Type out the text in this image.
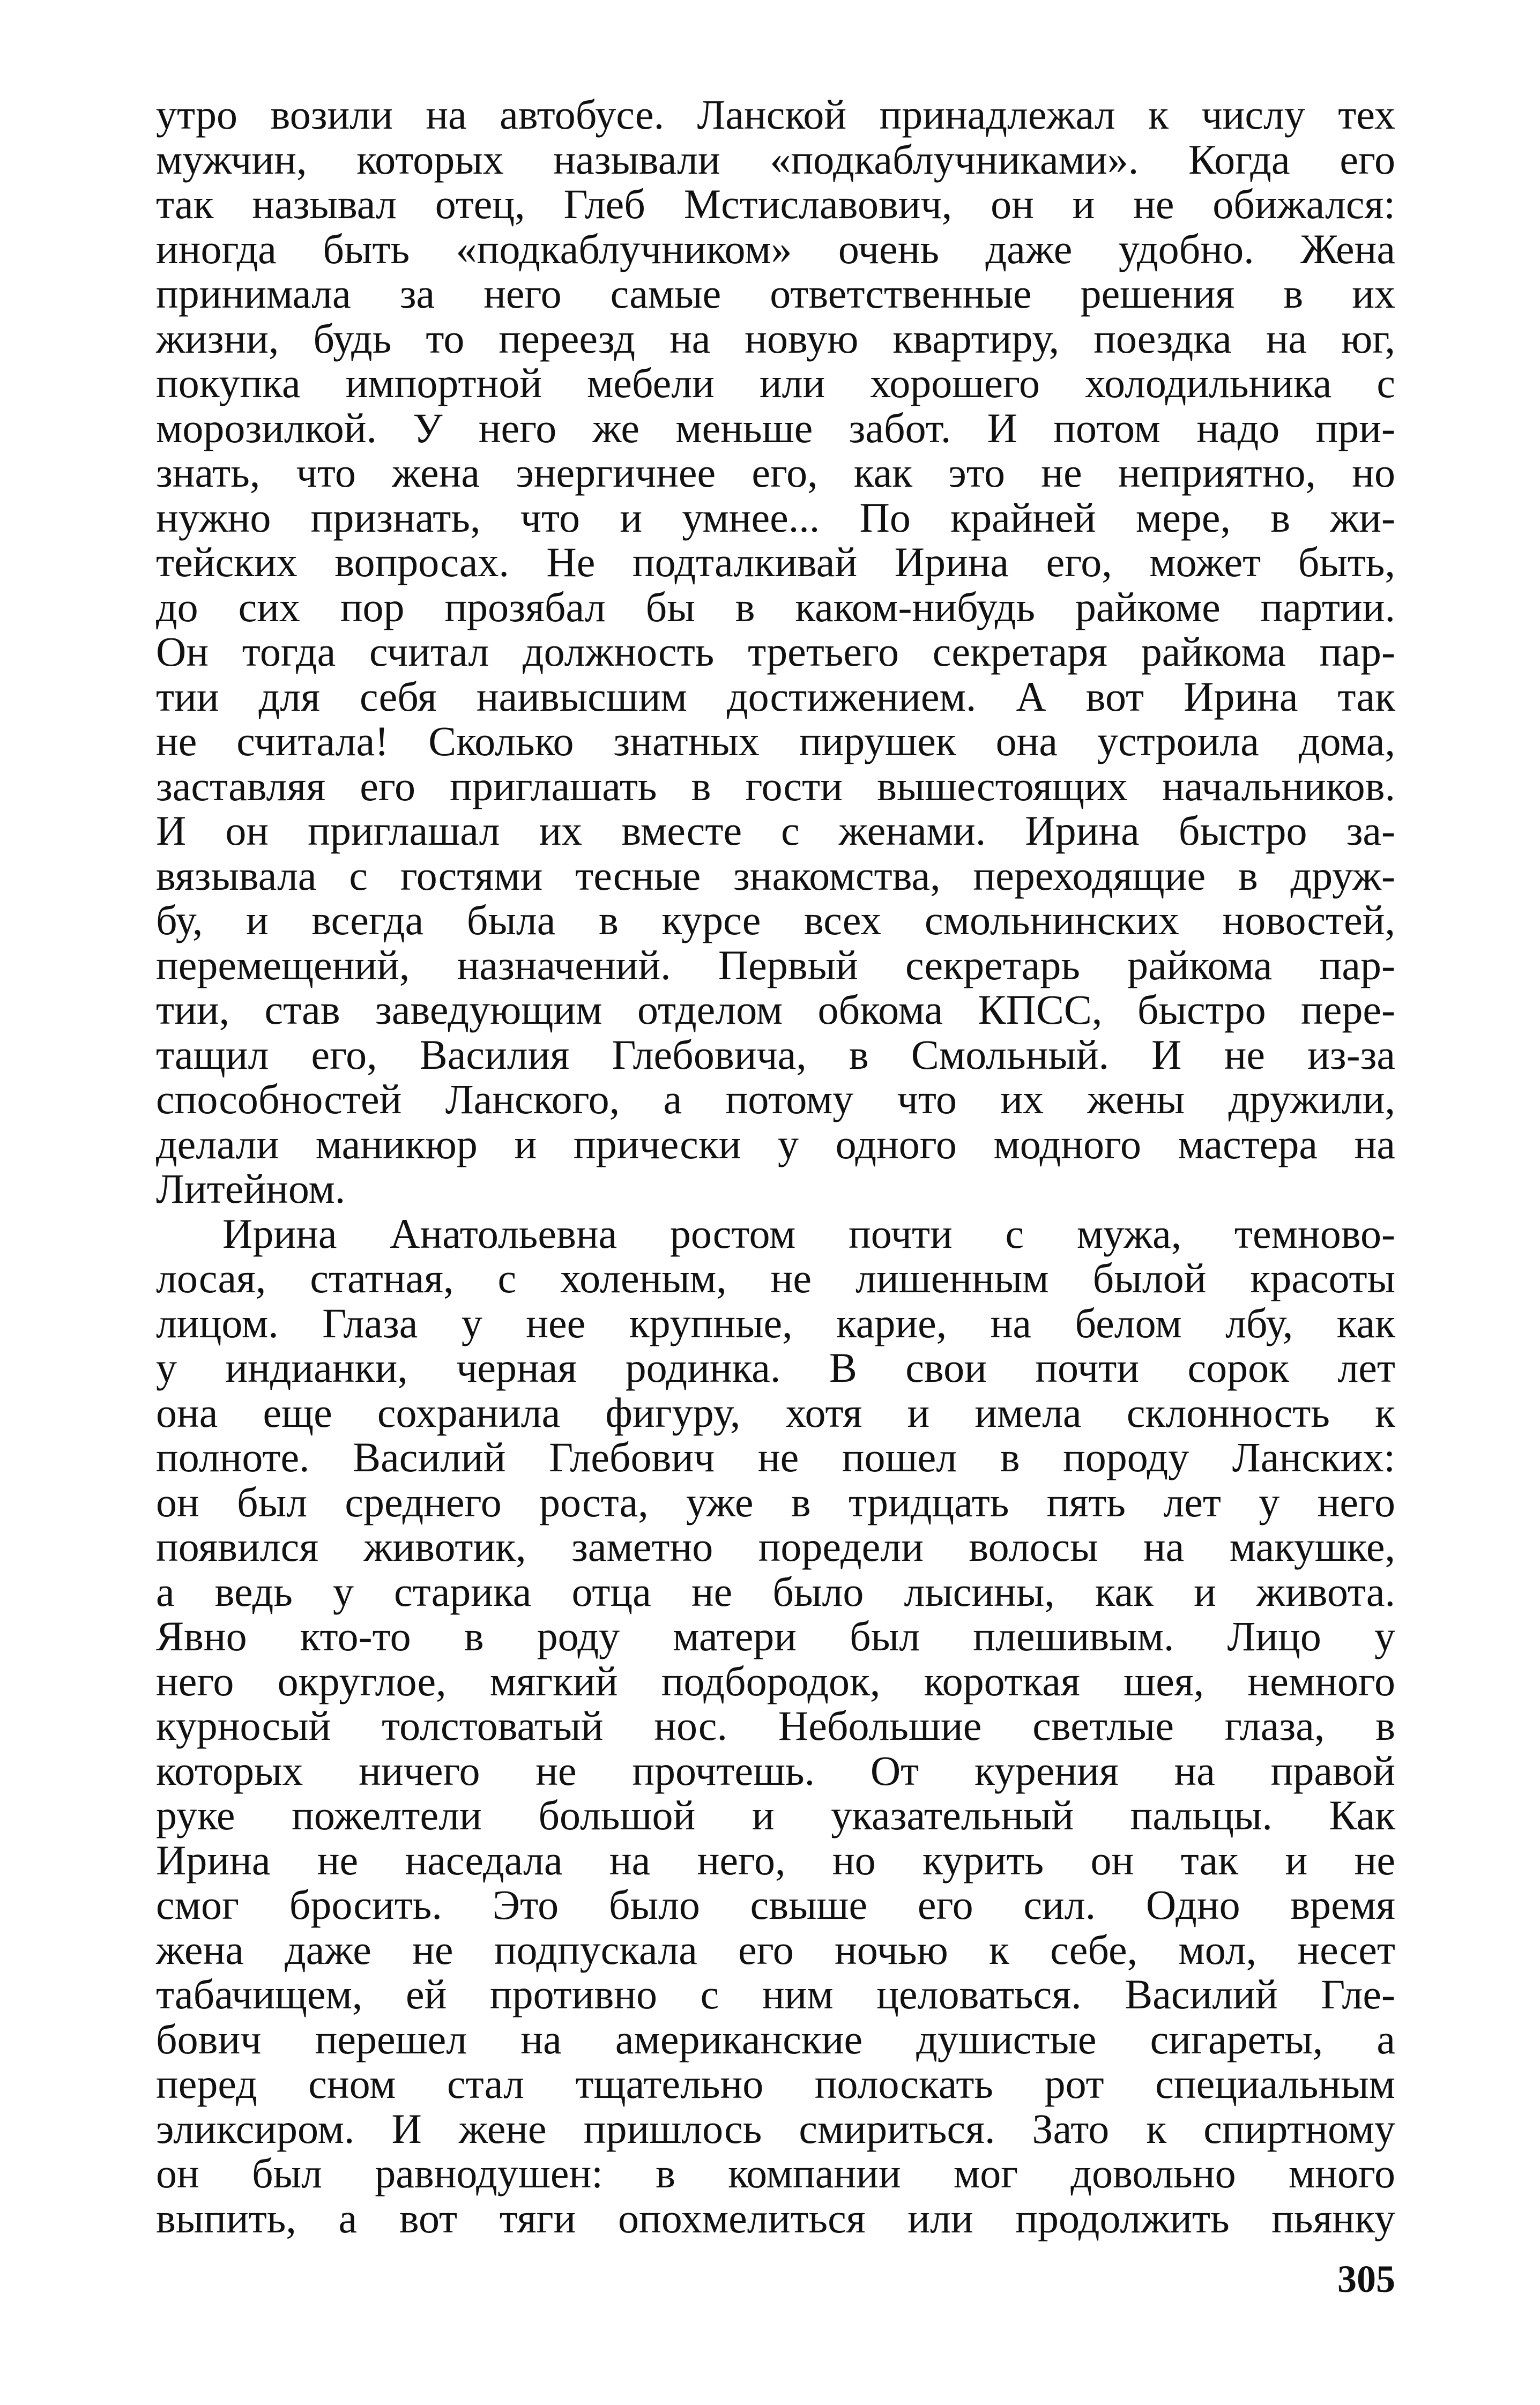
утро возили на автобусе. Ланской принадлежал к числу тех
мужчин, которых называли «подкаблучниками». Когда его
так называл отец, Глеб Мстиславович, он и не обижался:
иногда быть «подкаблучником» очень даже удобно. Жена
принимала за него самые ответственные решения в их
жизни, будь то переезд на новую квартиру, поездка на юг,
покупка импортной мебели или хорошего холодильника с
морозилкой. У него же меньше забот. И потом надо при-
знать, что жена энергичнее его, как это не неприятно, но
нужно признать, что и умнее... По крайней мере, в жи-
тейских вопросах. Не подталкивай Ирина его, может быть,
до сих пор прозябал бы в каком-нибудь райкоме партии.
Он тогда считал должность третьего секретаря райкома пар-
тии для себя наивысшим достижением. А вот Ирина так
не считала! Сколько знатных пирушек она устроила дома,
заставляя его приглашать в гости вышестоящих начальников.
И он приглашал их вместе с женами. Ирина быстро за-
вязывала с гостями тесные знакомства, переходящие в друж-
бу, и всегда была в курсе всех смольнинских новостей,
перемещений, назначений. Первый секретарь райкома пар-
тии, став заведующим отделом обкома КПСС, быстро пере-
тащил его, Василия Глебовича, в Смольный. И не из-за
способностей Ланского, а потому что их жены дружили,
делали маникюр и прически у одного модного мастера на
Литейном.
Ирина Анатольевна ростом почти с мужа, темново-
лосая, статная, с холеным, не лишенным былой красоты
лицом. Глаза у нее крупные, карие, на белом лбу, как
у индианки, черная родинка. В свои почти сорок лет
она еще сохранила фигуру, хотя и имела склонность к
полноте. Василий Глебович не пошел в породу Ланских:
он был среднего роста, уже в тридцать пять лет у него
появился животик, заметно поредели волосы на макушке,
а ведь у старика отца не было лысины, как и живота.
Явно кто-то в роду матери был плешивым. Лицо у
него округлое, мягкий подбородок, короткая шея, немного
курносый толстоватый нос. Небольшие светлые глаза, в
которых ничего не прочтешь. От курения на правой
руке пожелтели большой и указательный пальцы. Как
Ирина не наседала на него, но курить он так и не
смог бросить. Это было свыше его сил. Одно время
жена даже не подпускала его ночью к себе, мол, несет
табачищем, ей противно с ним целоваться. Василий Гле-
бович перешел на американские душистые сигареты, а
перед сном стал тщательно полоскать рот специальным
эликсиром. И жене пришлось смириться. Зато к спиртному
он был равнодушен: в компании мог довольно много
выпить, а вот тяги опохмелиться или продолжить пьянку
305
